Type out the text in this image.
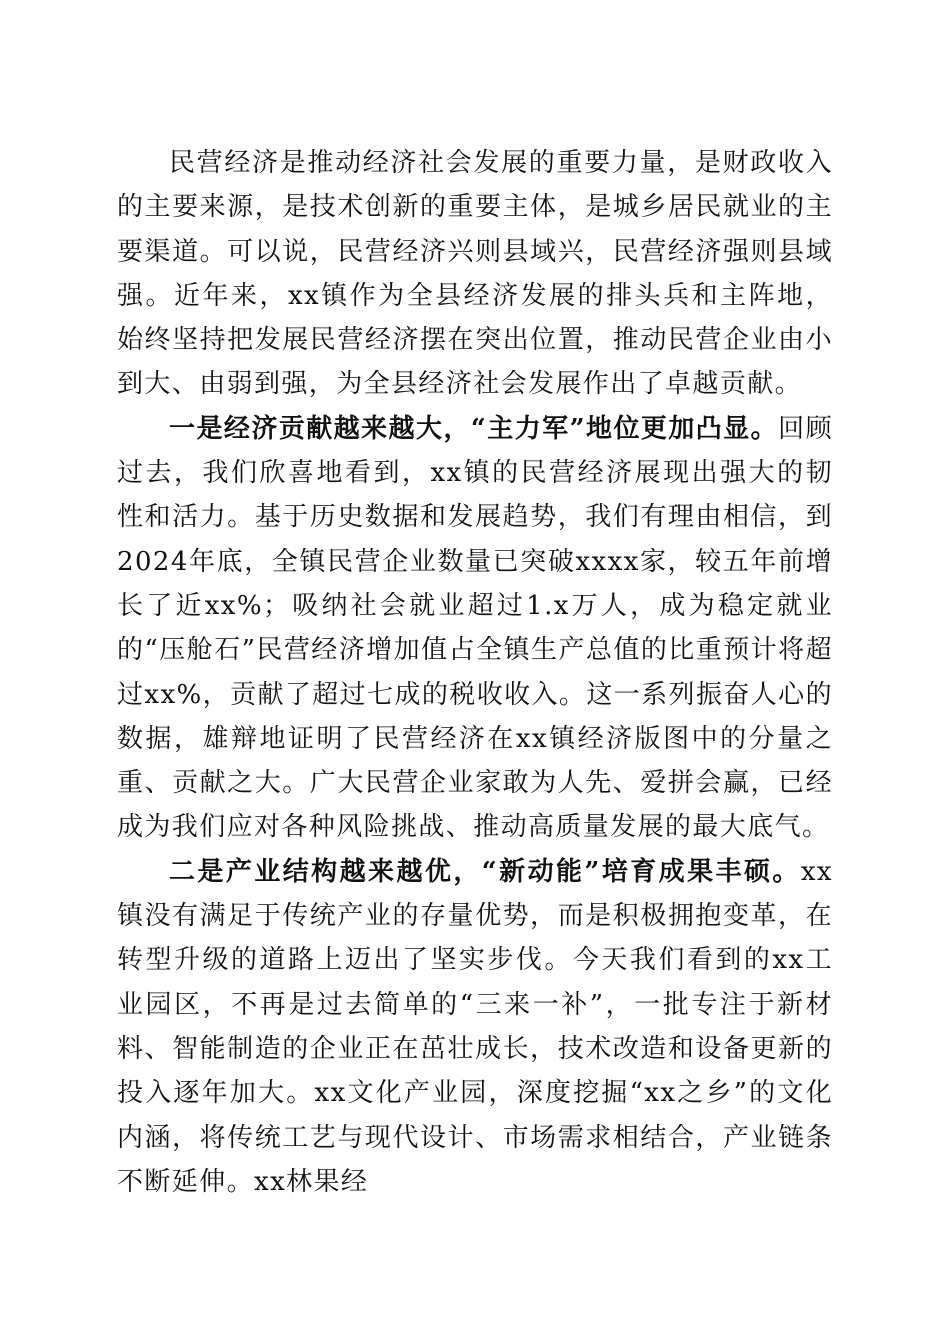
民营经济是推动经济社会发展的重要力量，是财政收入的主要来源，是技术创新的重要主体，是城乡居民就业的主要渠道。可以说，民营经济兴则县域兴，民营经济强则县域强。近年来，xx镇作为全县经济发展的排头兵和主阵地，始终坚持把发展民营经济摆在突出位置，推动民营企业由小到大、由弱到强，为全县经济社会发展作出了卓越贡献。

一是经济贡献越来越大，“主力军”地位更加凸显。回顾过去，我们欣喜地看到，xx镇的民营经济展现出强大的韧性和活力。基于历史数据和发展趋势，我们有理由相信，到2024年底，全镇民营企业数量已突破xxxx家，较五年前增长了近xx%；吸纳社会就业超过1.x万人，成为稳定就业的“压舱石”民营经济增加值占全镇生产总值的比重预计将超过xx%，贡献了超过七成的税收收入。这一系列振奋人心的数据，雄辩地证明了民营经济在xx镇经济版图中的分量之重、贡献之大。广大民营企业家敢为人先、爱拼会赢，已经成为我们应对各种风险挑战、推动高质量发展的最大底气。

二是产业结构越来越优，“新动能”培育成果丰硕。xx镇没有满足于传统产业的存量优势，而是积极拥抱变革，在转型升级的道路上迈出了坚实步伐。今天我们看到的xx工业园区，不再是过去简单的“三来一补”，一批专注于新材料、智能制造的企业正在茁壮成长，技术改造和设备更新的投入逐年加大。xx文化产业园，深度挖掘“xx之乡”的文化内涵，将传统工艺与现代设计、市场需求相结合，产业链条不断延伸。xx林果经
